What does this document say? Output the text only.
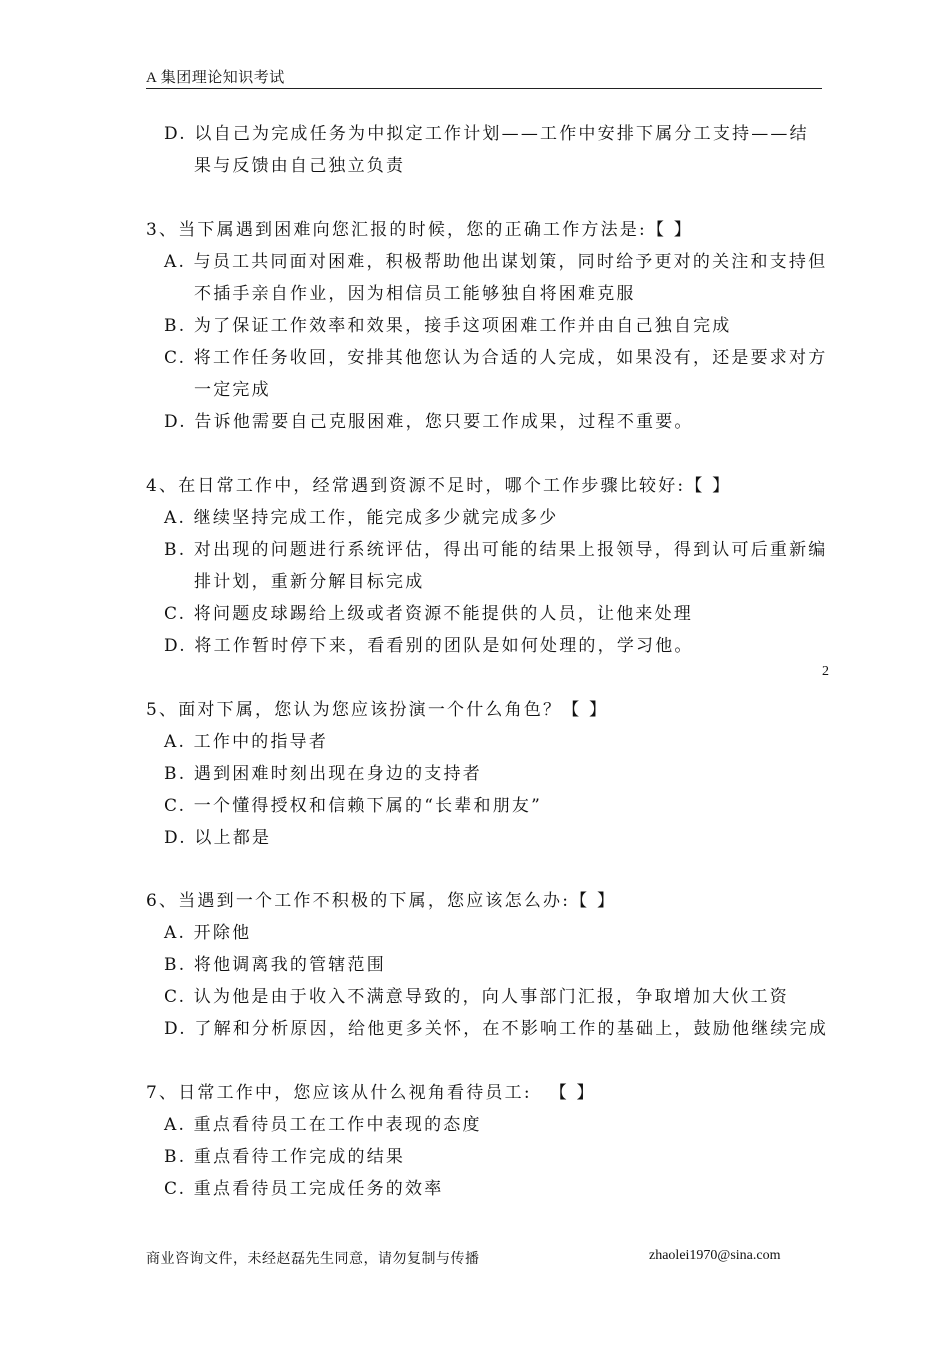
A 集团理论知识考试
D. 以自己为完成任务为中拟定工作计划——工作中安排下属分工支持——结
果与反馈由自己独立负责
3、当下属遇到困难向您汇报的时候，您的正确工作方法是:【 】
A. 与员工共同面对困难，积极帮助他出谋划策，同时给予更对的关注和支持但
不插手亲自作业，因为相信员工能够独自将困难克服
B. 为了保证工作效率和效果，接手这项困难工作并由自己独自完成
C. 将工作任务收回，安排其他您认为合适的人完成，如果没有，还是要求对方
一定完成
D. 告诉他需要自己克服困难，您只要工作成果，过程不重要。
4、在日常工作中，经常遇到资源不足时，哪个工作步骤比较好:【 】
A. 继续坚持完成工作，能完成多少就完成多少
B. 对出现的问题进行系统评估，得出可能的结果上报领导，得到认可后重新编
排计划，重新分解目标完成
C. 将问题皮球踢给上级或者资源不能提供的人员，让他来处理
D. 将工作暂时停下来，看看别的团队是如何处理的，学习他。
2
5、面对下属，您认为您应该扮演一个什么角色？【 】
A. 工作中的指导者
B. 遇到困难时刻出现在身边的支持者
C. 一个懂得授权和信赖下属的“长辈和朋友”
D. 以上都是
6、当遇到一个工作不积极的下属，您应该怎么办:【 】
A. 开除他
B. 将他调离我的管辖范围
C. 认为他是由于收入不满意导致的，向人事部门汇报，争取增加大伙工资
D. 了解和分析原因，给他更多关怀，在不影响工作的基础上，鼓励他继续完成
7、日常工作中，您应该从什么视角看待员工: 【 】
A. 重点看待员工在工作中表现的态度
B. 重点看待工作完成的结果
C. 重点看待员工完成任务的效率
商业咨询文件，未经赵磊先生同意，请勿复制与传播	zhaolei1970@sina.com
